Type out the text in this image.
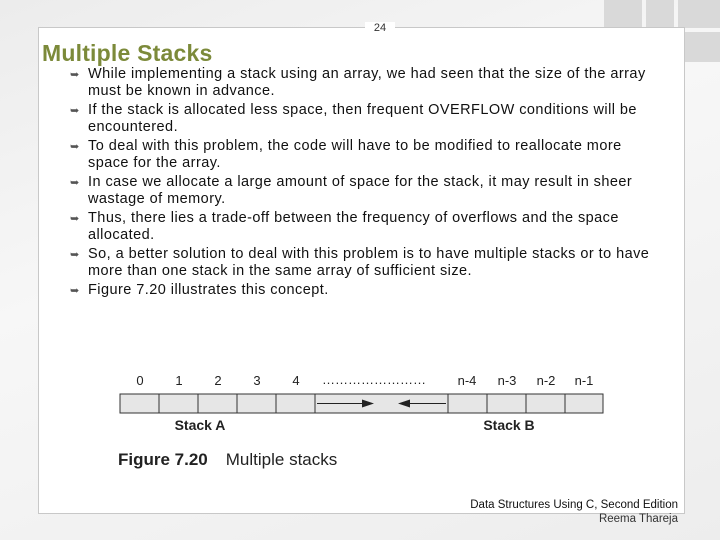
24
Multiple Stacks
➥ While implementing a stack using an array, we had seen that the size of the array must be known in advance.
➥ If the stack is allocated less space, then frequent OVERFLOW conditions will be encountered.
➥ To deal with this problem, the code will have to be modified to reallocate more space for the array.
➥ In case we allocate a large amount of space for the stack, it may result in sheer wastage of memory.
➥ Thus, there lies a trade-off between the frequency of overflows and the space allocated.
➥ So, a better solution to deal with this problem is to have multiple stacks or to have more than one stack in the same array of sufficient size.
➥ Figure 7.20 illustrates this concept.
0 1 2 3 4 …………………… n-4 n-3 n-2 n-1
Stack A	Stack B
Figure 7.20 Multiple stacks
Data Structures Using C, Second Edition
Reema Thareja
